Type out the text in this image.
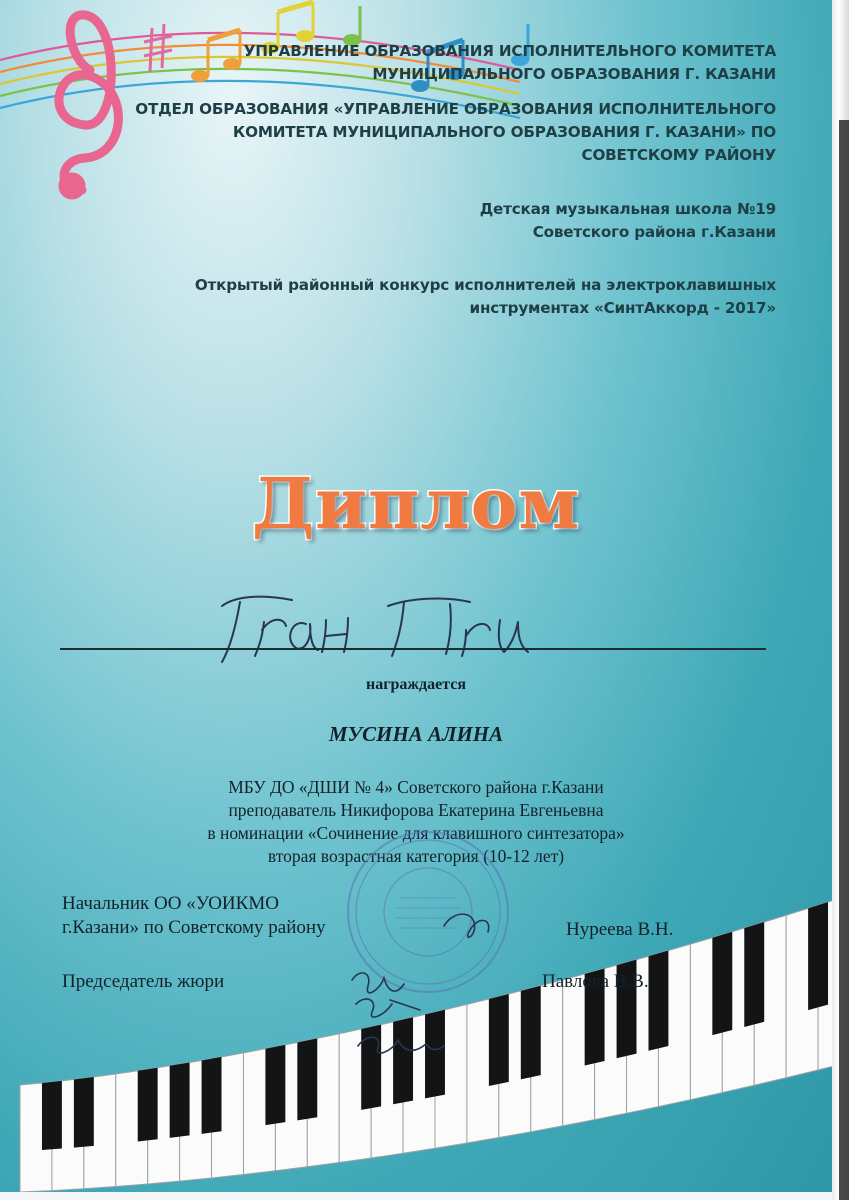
УПРАВЛЕНИЕ ОБРАЗОВАНИЯ ИСПОЛНИТЕЛЬНОГО КОМИТЕТА
МУНИЦИПАЛЬНОГО ОБРАЗОВАНИЯ Г. КАЗАНИ
ОТДЕЛ ОБРАЗОВАНИЯ «УПРАВЛЕНИЕ ОБРАЗОВАНИЯ ИСПОЛНИТЕЛЬНОГО
КОМИТЕТА МУНИЦИПАЛЬНОГО ОБРАЗОВАНИЯ Г. КАЗАНИ» ПО
СОВЕТСКОМУ РАЙОНУ
Детская музыкальная школа №19
Советского района г.Казани
Открытый районный конкурс исполнителей на электроклавишных
инструментах «СинтАккорд - 2017»
Диплом
награждается
МУСИНА АЛИНА
МБУ ДО «ДШИ № 4» Советского района г.Казани
преподаватель Никифорова Екатерина Евгеньевна
в номинации «Сочинение для клавишного синтезатора»
вторая возрастная категория (10-12 лет)
Начальник ОО «УОИКМО
г.Казани» по Советскому району	Нуреева В.Н.
Председатель жюри	Павлова В.В.
